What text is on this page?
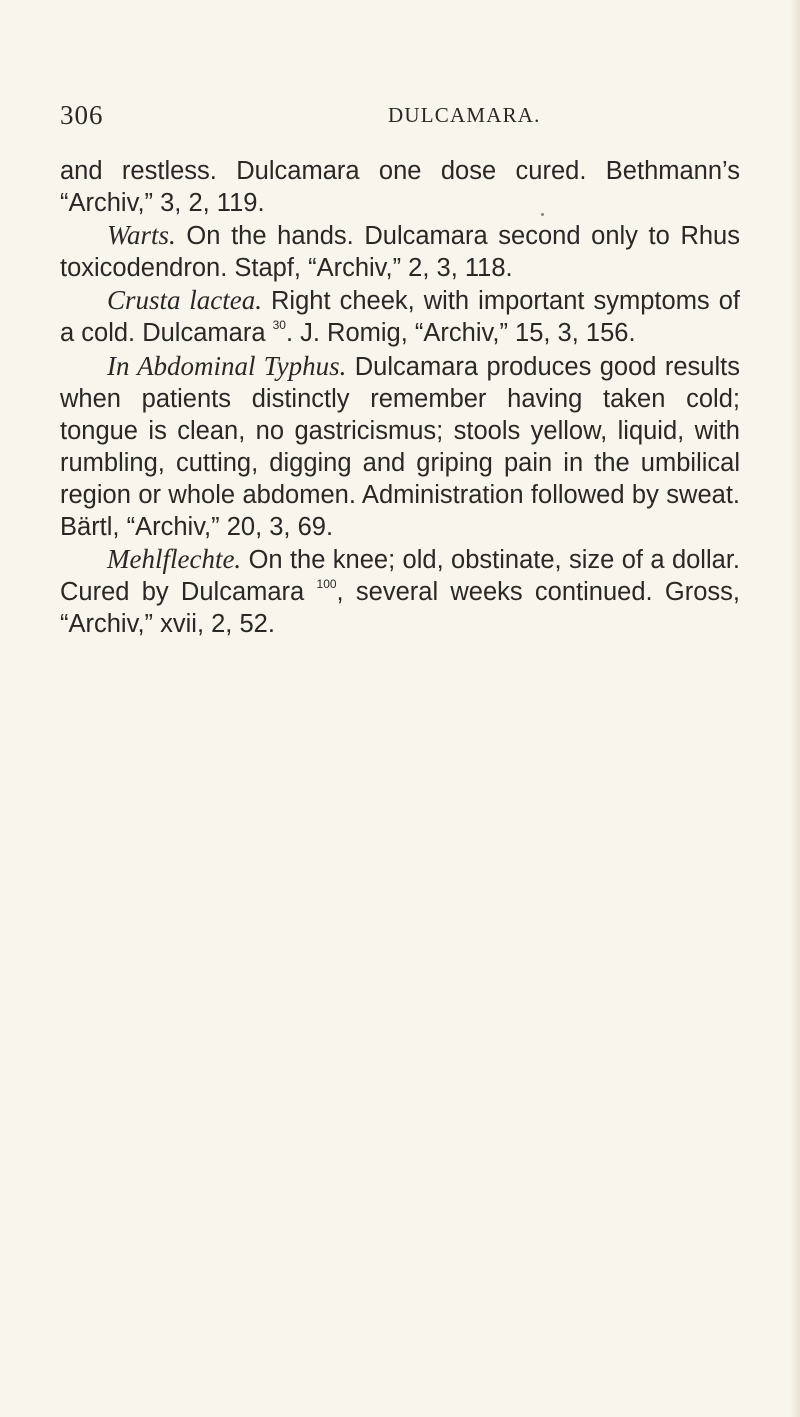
306	DULCAMARA.

and restless. Dulcamara one dose cured. Bethmann’s “Archiv,” 3, 2, 119.

Warts. On the hands. Dulcamara second only to Rhus toxicodendron. Stapf, “Archiv,” 2, 3, 118.

Crusta lactea. Right cheek, with important symptoms of a cold. Dulcamara $^{30}$. J. Romig, “Archiv,” 15, 3, 156.

In Abdominal Typhus. Dulcamara produces good results when patients distinctly remember having taken cold; tongue is clean, no gastricismus; stools yellow, liquid, with rumbling, cutting, digging and griping pain in the umbilical region or whole abdomen. Administration followed by sweat. Bärtl, “Archiv,” 20, 3, 69.

Mehlflechte. On the knee; old, obstinate, size of a dollar. Cured by Dulcamara $^{100}$, several weeks continued. Gross, “Archiv,” xvii, 2, 52.
